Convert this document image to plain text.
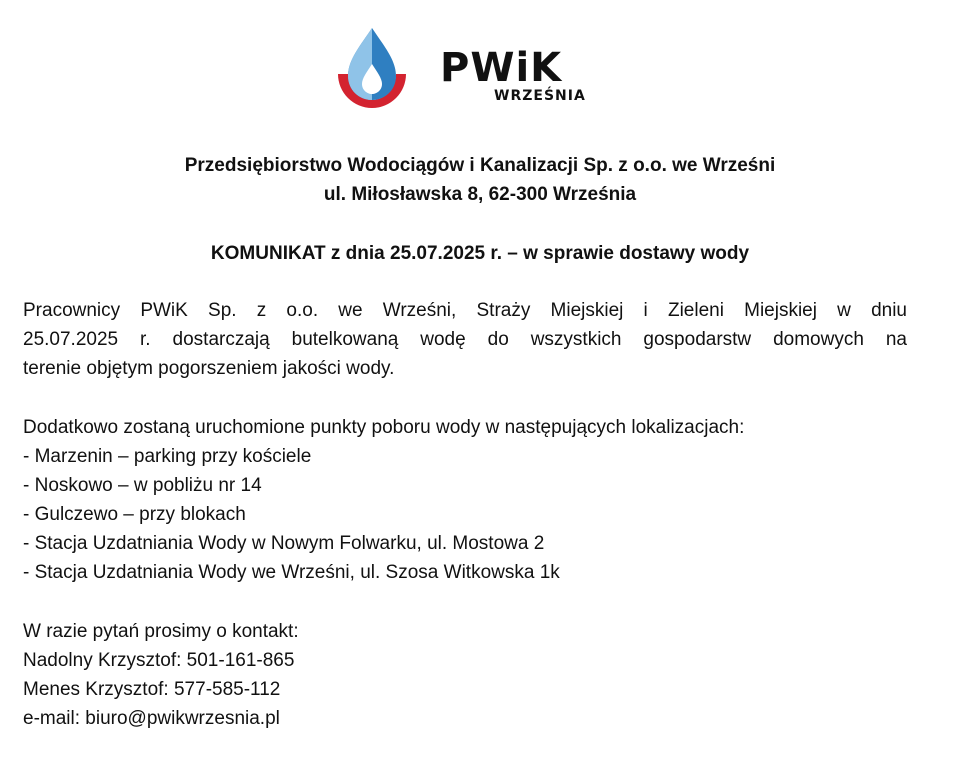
PWiK
WRZEŚNIA
Przedsiębiorstwo Wodociągów i Kanalizacji Sp. z o.o. we Wrześni
ul. Miłosławska 8, 62-300 Września
KOMUNIKAT z dnia 25.07.2025 r. – w sprawie dostawy wody
Pracownicy PWiK Sp. z o.o. we Wrześni, Straży Miejskiej i Zieleni Miejskiej w dniu
25.07.2025 r. dostarczają butelkowaną wodę do wszystkich gospodarstw domowych na
terenie objętym pogorszeniem jakości wody.
Dodatkowo zostaną uruchomione punkty poboru wody w następujących lokalizacjach:
- Marzenin – parking przy kościele
- Noskowo – w pobliżu nr 14
- Gulczewo – przy blokach
- Stacja Uzdatniania Wody w Nowym Folwarku, ul. Mostowa 2
- Stacja Uzdatniania Wody we Wrześni, ul. Szosa Witkowska 1k
W razie pytań prosimy o kontakt:
Nadolny Krzysztof: 501-161-865
Menes Krzysztof: 577-585-112
e-mail: biuro@pwikwrzesnia.pl
